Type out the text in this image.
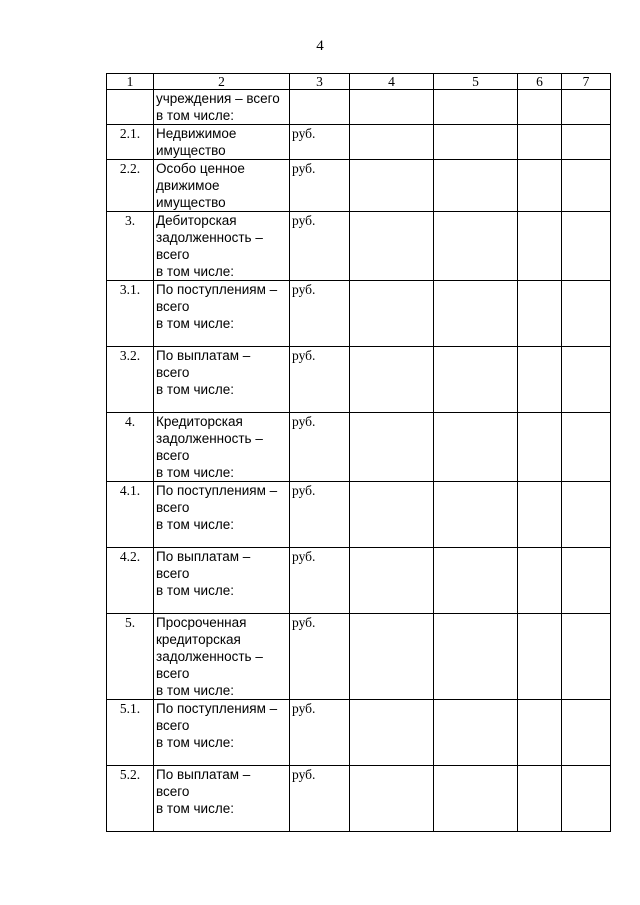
4
1	2	3	4	5	6	7

	учреждения – всего
в том числе:					

2.1.	Недвижимое
имущество	руб.				
2.2.	Особо ценное
движимое
имущество	руб.				
3.	Дебиторская
задолженность –
всего
в том числе:	руб.				
3.1.	По поступлениям –
всего
в том числе:	руб.				
3.2.	По выплатам –
всего
в том числе:	руб.				
4.	Кредиторская
задолженность –
всего
в том числе:	руб.				
4.1.	По поступлениям –
всего
в том числе:	руб.				
4.2.	По выплатам –
всего
в том числе:	руб.				
5.	Просроченная
кредиторская
задолженность –
всего
в том числе:	руб.				
5.1.	По поступлениям –
всего
в том числе:	руб.				
5.2.	По выплатам –
всего
в том числе:	руб.				
